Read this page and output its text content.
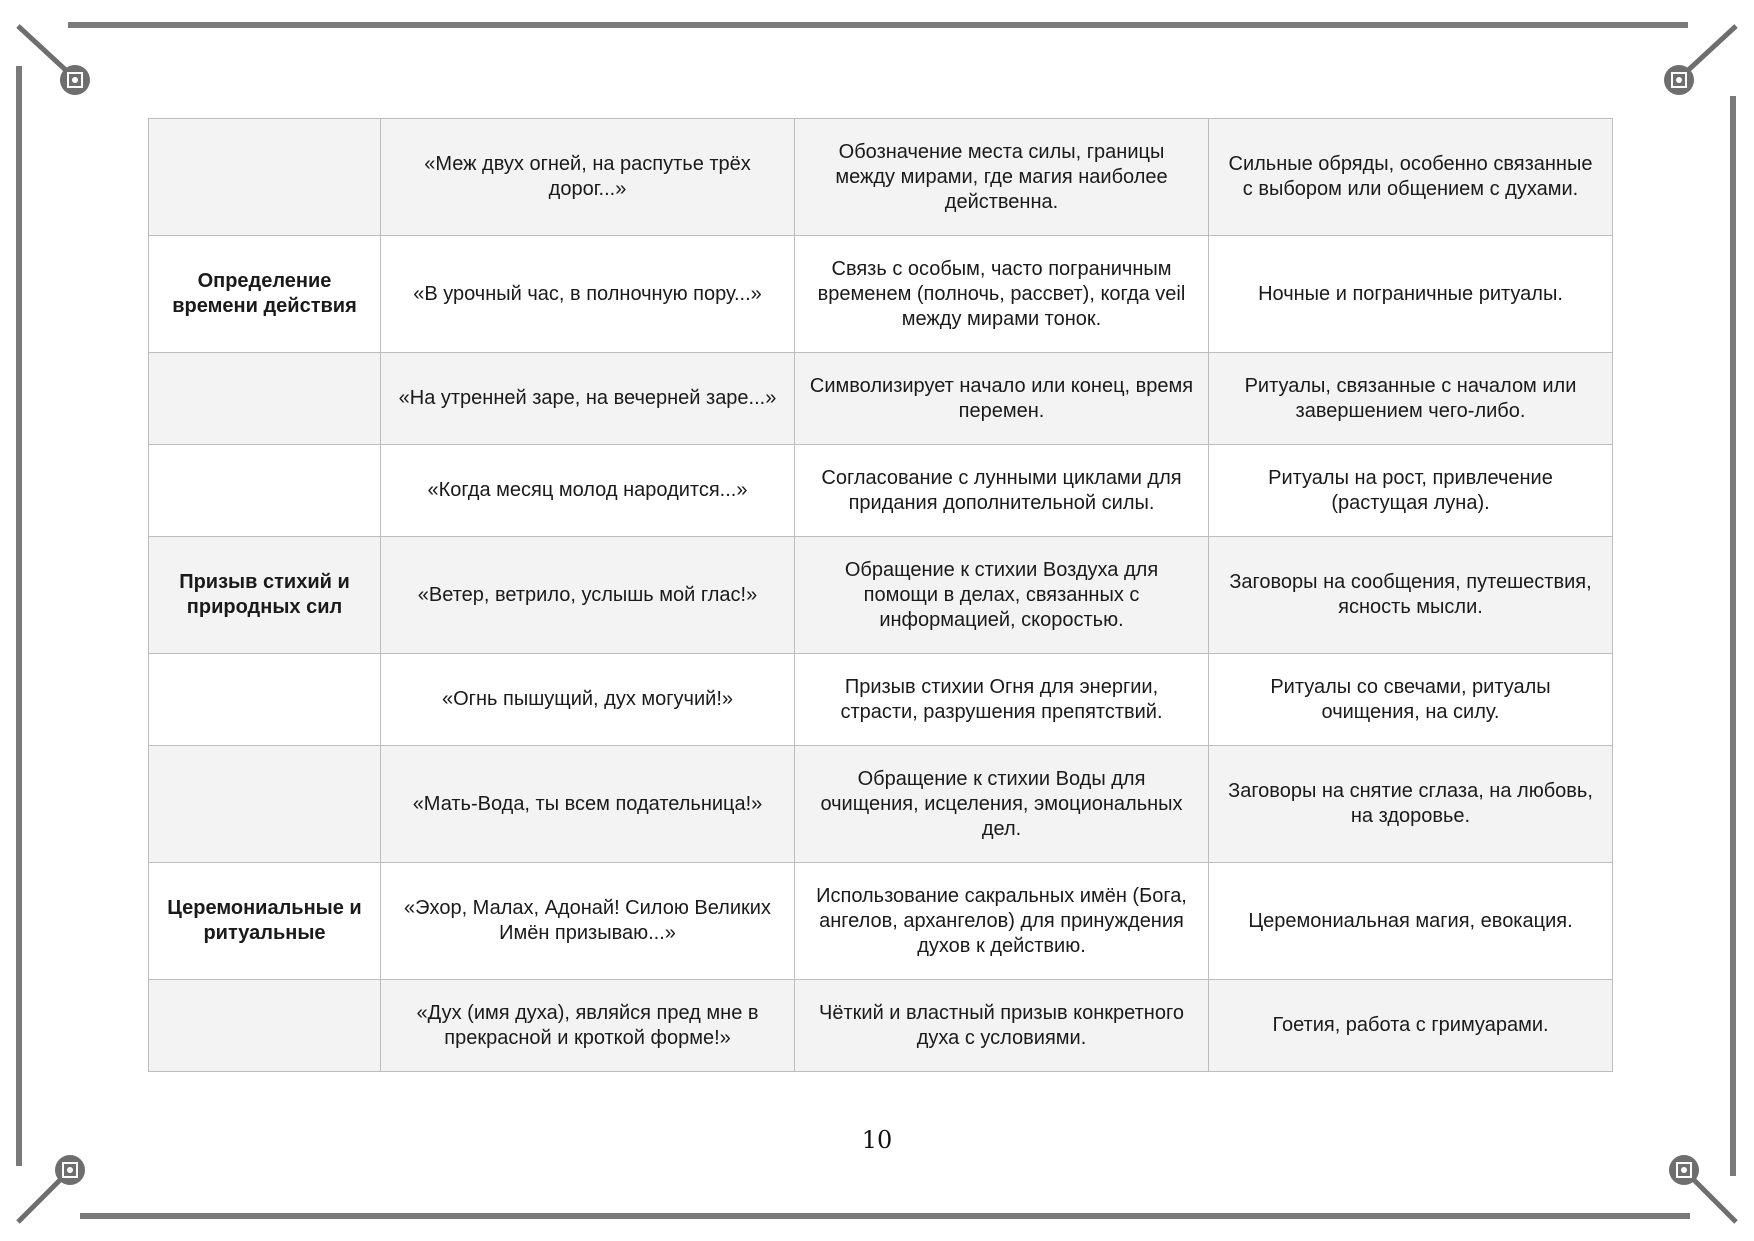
	«Меж двух огней, на распутье трёх дорог...»	Обозначение места силы, границы между мирами, где магия наиболее действенна.	Сильные обряды, особенно связанные с выбором или общением с духами.
Определение времени действия	«В урочный час, в полночную пору...»	Связь с особым, часто пограничным временем (полночь, рассвет), когда veil между мирами тонок.	Ночные и пограничные ритуалы.
	«На утренней заре, на вечерней заре...»	Символизирует начало или конец, время перемен.	Ритуалы, связанные с началом или завершением чего-либо.
	«Когда месяц молод народится...»	Согласование с лунными циклами для придания дополнительной силы.	Ритуалы на рост, привлечение (растущая луна).
Призыв стихий и природных сил	«Ветер, ветрило, услышь мой глас!»	Обращение к стихии Воздуха для помощи в делах, связанных с информацией, скоростью.	Заговоры на сообщения, путешествия, ясность мысли.
	«Огнь пышущий, дух могучий!»	Призыв стихии Огня для энергии, страсти, разрушения препятствий.	Ритуалы со свечами, ритуалы очищения, на силу.
	«Мать-Вода, ты всем подательница!»	Обращение к стихии Воды для очищения, исцеления, эмоциональных дел.	Заговоры на снятие сглаза, на любовь, на здоровье.
Церемониальные и ритуальные	«Эхор, Малах, Адонай! Силою Великих Имён призываю...»	Использование сакральных имён (Бога, ангелов, архангелов) для принуждения духов к действию.	Церемониальная магия, евокация.
	«Дух (имя духа), являйся пред мне в прекрасной и кроткой форме!»	Чёткий и властный призыв конкретного духа с условиями.	Гоетия, работа с гримуарами.
10
